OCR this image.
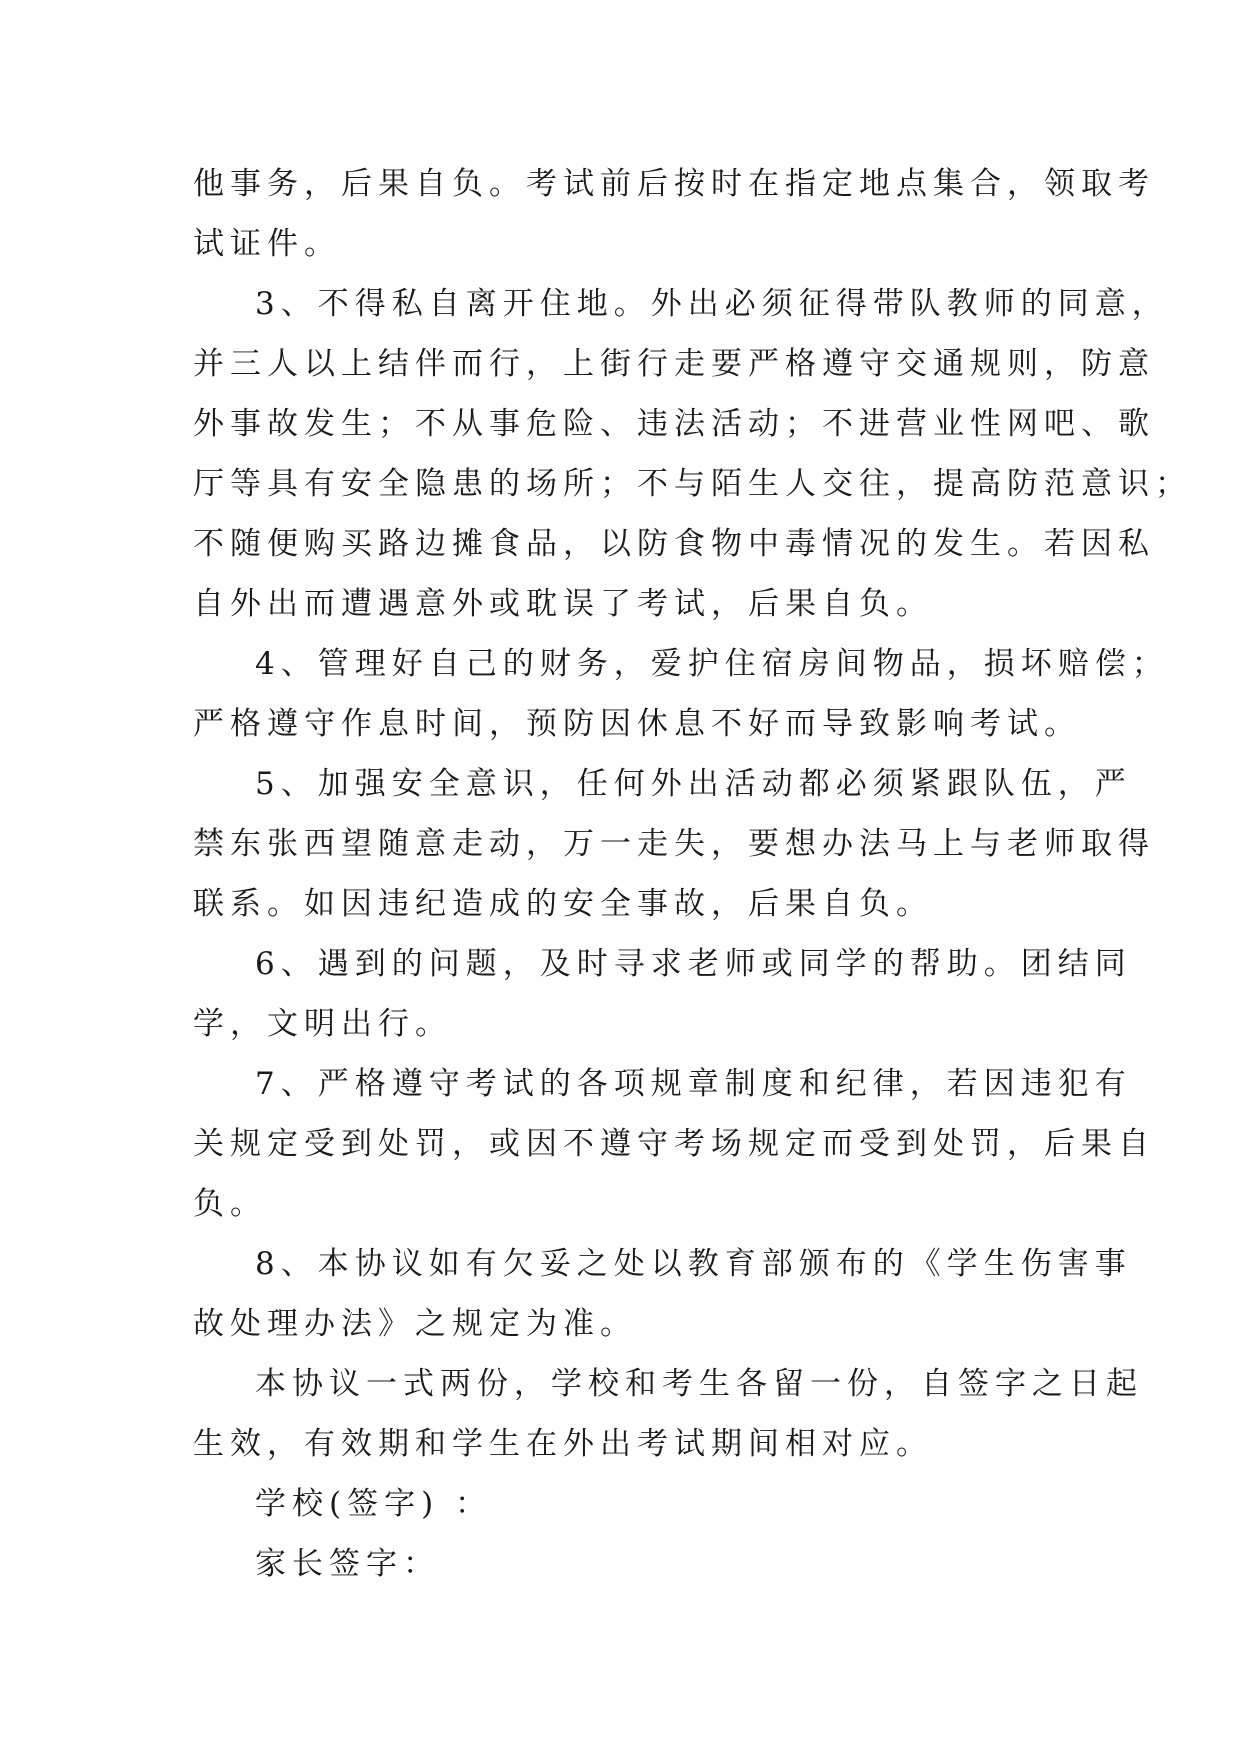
他事务，后果自负。考试前后按时在指定地点集合，领取考
试证件。
3、不得私自离开住地。外出必须征得带队教师的同意，
并三人以上结伴而行，上街行走要严格遵守交通规则，防意
外事故发生；不从事危险、违法活动；不进营业性网吧、歌
厅等具有安全隐患的场所；不与陌生人交往，提高防范意识；
不随便购买路边摊食品，以防食物中毒情况的发生。若因私
自外出而遭遇意外或耽误了考试，后果自负。
4、管理好自己的财务，爱护住宿房间物品，损坏赔偿；
严格遵守作息时间，预防因休息不好而导致影响考试。
5、加强安全意识，任何外出活动都必须紧跟队伍，严
禁东张西望随意走动，万一走失，要想办法马上与老师取得
联系。如因违纪造成的安全事故，后果自负。
6、遇到的问题，及时寻求老师或同学的帮助。团结同
学，文明出行。
7、严格遵守考试的各项规章制度和纪律，若因违犯有
关规定受到处罚，或因不遵守考场规定而受到处罚，后果自
负。
8、本协议如有欠妥之处以教育部颁布的《学生伤害事
故处理办法》之规定为准。
本协议一式两份，学校和考生各留一份，自签字之日起
生效，有效期和学生在外出考试期间相对应。
学校(签字) ：
家长签字：
